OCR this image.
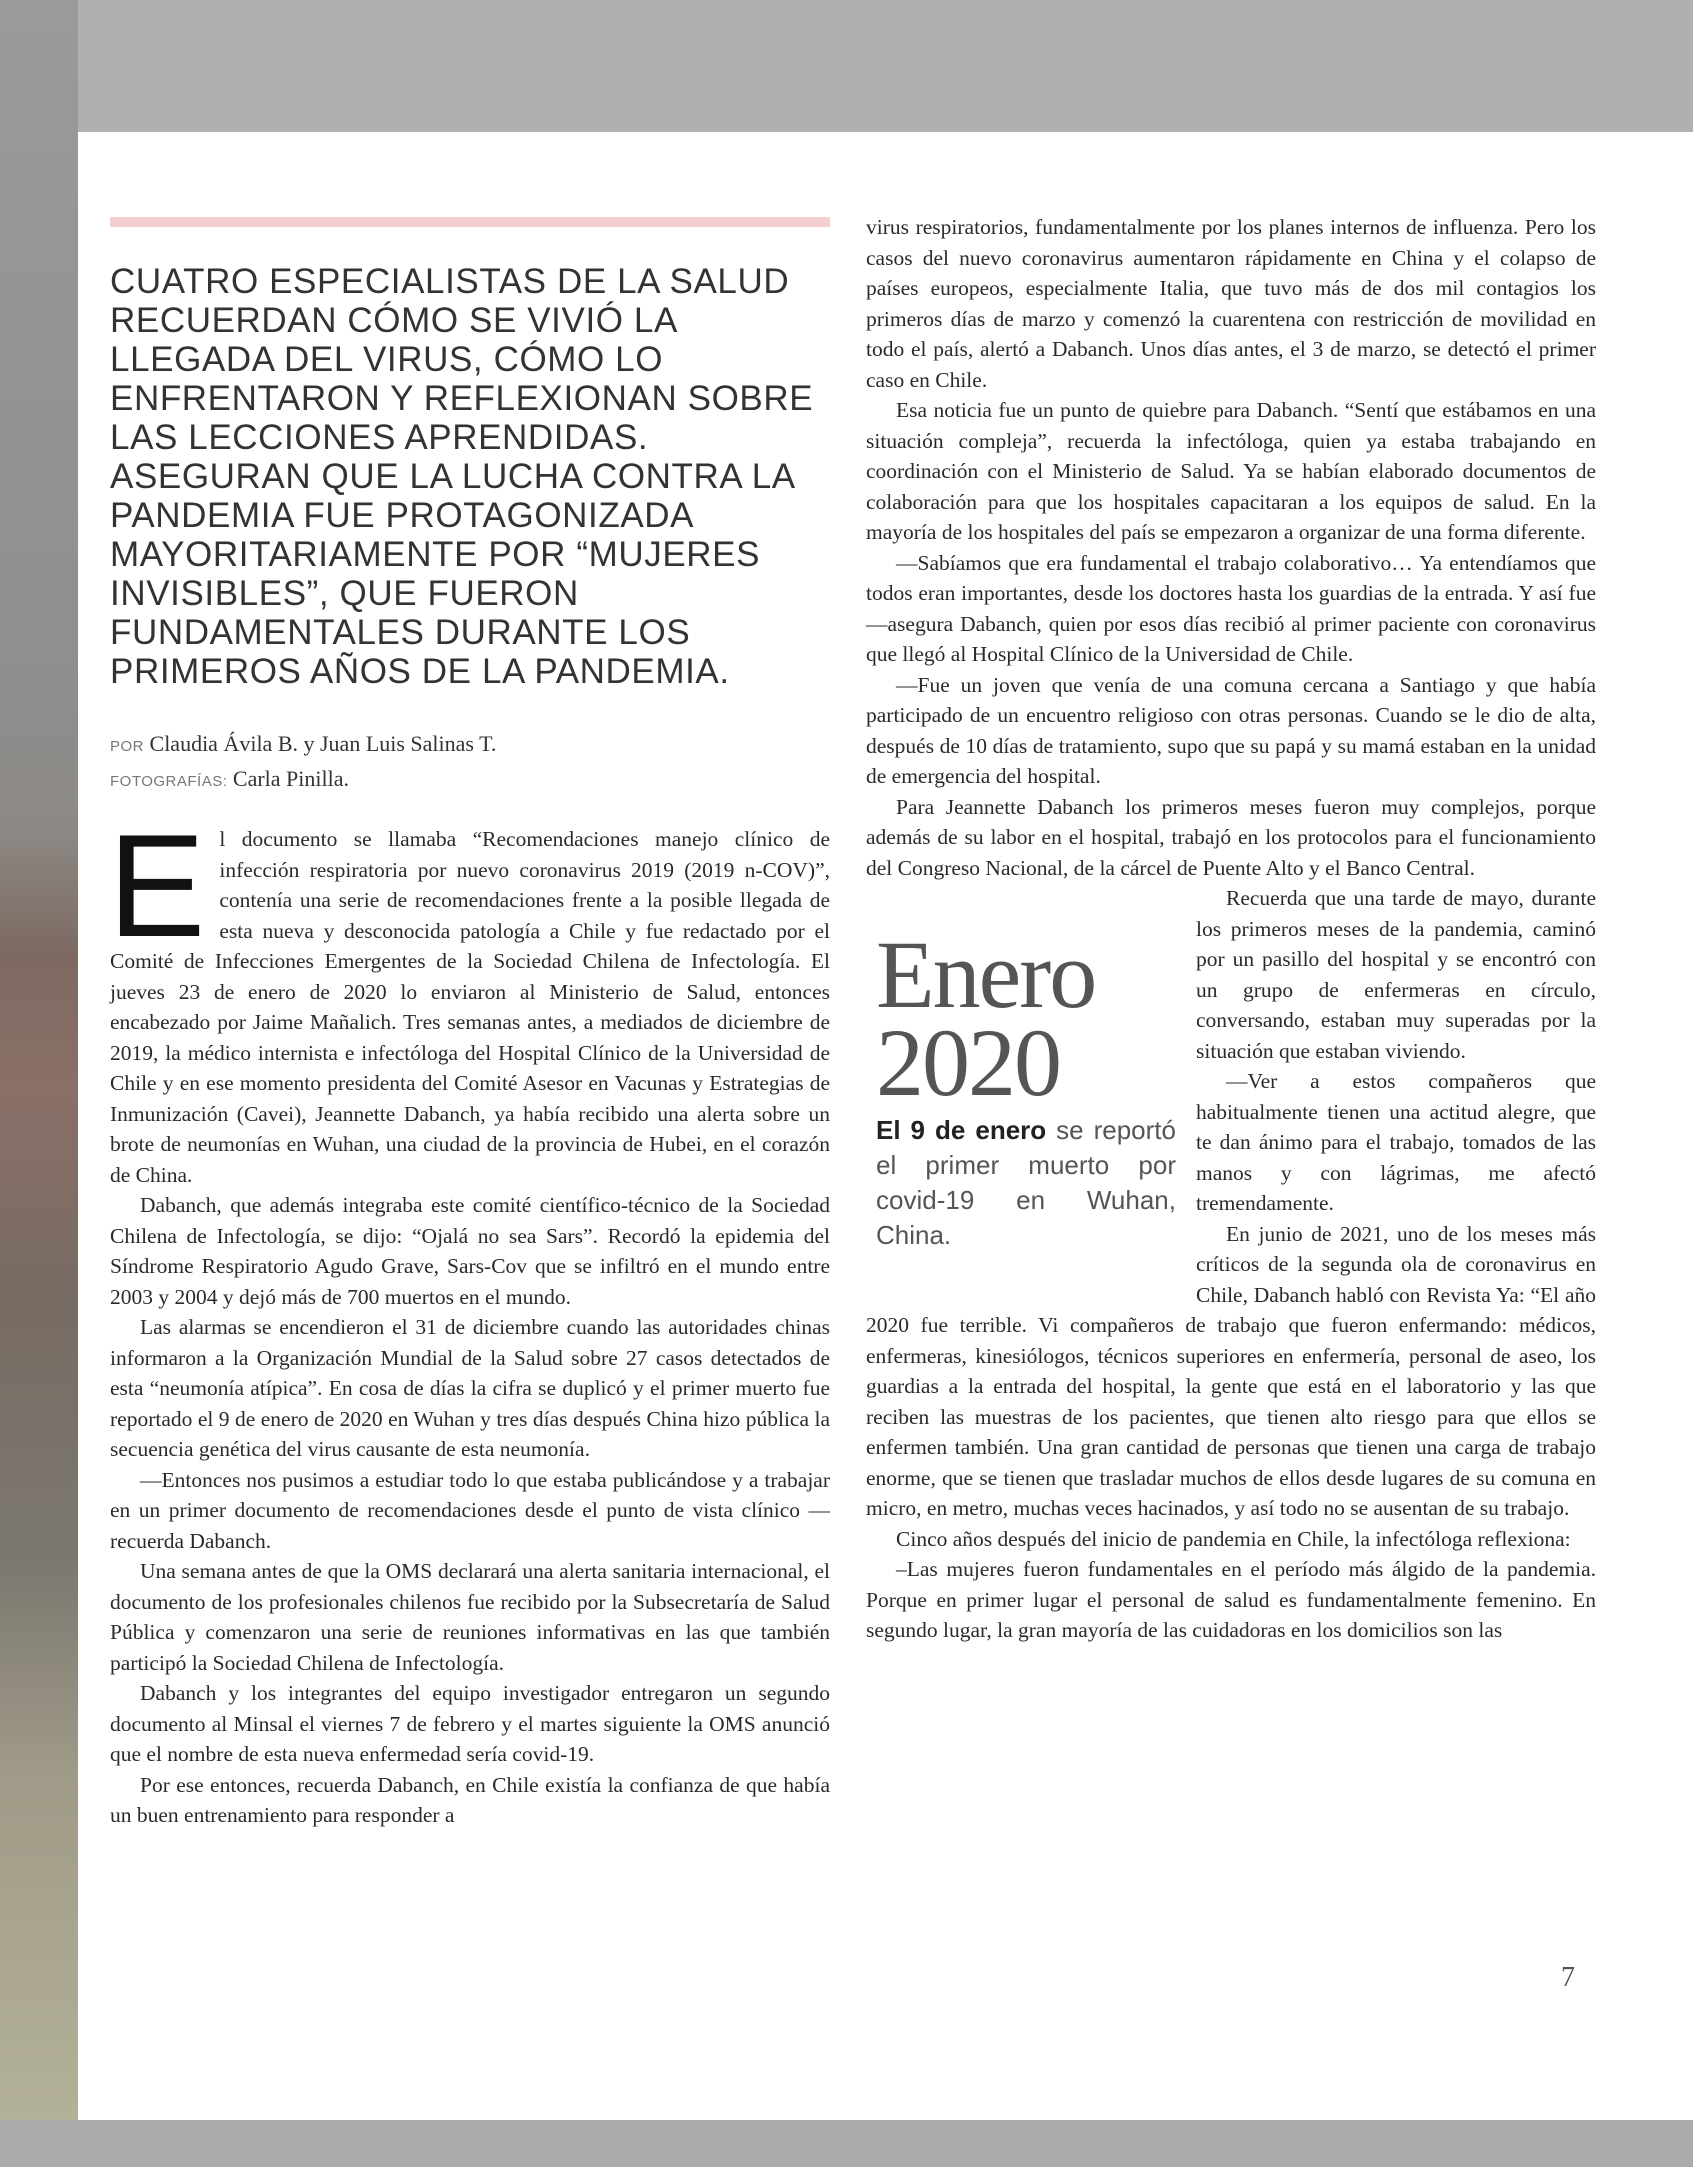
CUATRO ESPECIALISTAS DE LA SALUD RECUERDAN CÓMO SE VIVIÓ LA LLEGADA DEL VIRUS, CÓMO LO ENFRENTARON Y REFLEXIONAN SOBRE LAS LECCIONES APRENDIDAS. ASEGURAN QUE LA LUCHA CONTRA LA PANDEMIA FUE PROTAGONIZADA MAYORITARIAMENTE POR “MUJERES INVISIBLES”, QUE FUERON FUNDAMENTALES DURANTE LOS PRIMEROS AÑOS DE LA PANDEMIA.
POR Claudia Ávila B. y Juan Luis Salinas T.
FOTOGRAFÍAS: Carla Pinilla.

El documento se llamaba “Recomendaciones manejo clínico de infección respiratoria por nuevo coronavirus 2019 (2019 n-COV)”, contenía una serie de recomendaciones frente a la posible llegada de esta nueva y desconocida patología a Chile y fue redactado por el Comité de Infecciones Emergentes de la Sociedad Chilena de Infectología. El jueves 23 de enero de 2020 lo enviaron al Ministerio de Salud, entonces encabezado por Jaime Mañalich. Tres semanas antes, a mediados de diciembre de 2019, la médico internista e infectóloga del Hospital Clínico de la Universidad de Chile y en ese momento presidenta del Comité Asesor en Vacunas y Estrategias de Inmunización (Cavei), Jeannette Dabanch, ya había recibido una alerta sobre un brote de neumonías en Wuhan, una ciudad de la provincia de Hubei, en el corazón de China.

Dabanch, que además integraba este comité científico-técnico de la Sociedad Chilena de Infectología, se dijo: “Ojalá no sea Sars”. Recordó la epidemia del Síndrome Respiratorio Agudo Grave, Sars-Cov que se infiltró en el mundo entre 2003 y 2004 y dejó más de 700 muertos en el mundo.

Las alarmas se encendieron el 31 de diciembre cuando las autoridades chinas informaron a la Organización Mundial de la Salud sobre 27 casos detectados de esta “neumonía atípica”. En cosa de días la cifra se duplicó y el primer muerto fue reportado el 9 de enero de 2020 en Wuhan y tres días después China hizo pública la secuencia genética del virus causante de esta neumonía.

—Entonces nos pusimos a estudiar todo lo que estaba publicándose y a trabajar en un primer documento de recomendaciones desde el punto de vista clínico —recuerda Dabanch.

Una semana antes de que la OMS declarará una alerta sanitaria internacional, el documento de los profesionales chilenos fue recibido por la Subsecretaría de Salud Pública y comenzaron una serie de reuniones informativas en las que también participó la Sociedad Chilena de Infectología.

Dabanch y los integrantes del equipo investigador entregaron un segundo documento al Minsal el viernes 7 de febrero y el martes siguiente la OMS anunció que el nombre de esta nueva enfermedad sería covid-19.

Por ese entonces, recuerda Dabanch, en Chile existía la confianza de que había un buen entrenamiento para responder a

virus respiratorios, fundamentalmente por los planes internos de influenza. Pero los casos del nuevo coronavirus aumentaron rápidamente en China y el colapso de países europeos, especialmente Italia, que tuvo más de dos mil contagios los primeros días de marzo y comenzó la cuarentena con restricción de movilidad en todo el país, alertó a Dabanch. Unos días antes, el 3 de marzo, se detectó el primer caso en Chile.

Esa noticia fue un punto de quiebre para Dabanch. “Sentí que estábamos en una situación compleja”, recuerda la infectóloga, quien ya estaba trabajando en coordinación con el Ministerio de Salud. Ya se habían elaborado documentos de colaboración para que los hospitales capacitaran a los equipos de salud. En la mayoría de los hospitales del país se empezaron a organizar de una forma diferente.

—Sabíamos que era fundamental el trabajo colaborativo… Ya entendíamos que todos eran importantes, desde los doctores hasta los guardias de la entrada. Y así fue —asegura Dabanch, quien por esos días recibió al primer paciente con coronavirus que llegó al Hospital Clínico de la Universidad de Chile.

—Fue un joven que venía de una comuna cercana a Santiago y que había participado de un encuentro religioso con otras personas. Cuando se le dio de alta, después de 10 días de tratamiento, supo que su papá y su mamá estaban en la unidad de emergencia del hospital.

Para Jeannette Dabanch los primeros meses fueron muy complejos, porque además de su labor en el hospital, trabajó en los protocolos para el funcionamiento del Congreso Nacional, de la cárcel de Puente Alto y el Banco Central.

Enero
2020
El 9 de enero se reportó el primer muerto por covid-19 en Wuhan, China.

Recuerda que una tarde de mayo, durante los primeros meses de la pandemia, caminó por un pasillo del hospital y se encontró con un grupo de enfermeras en círculo, conversando, estaban muy superadas por la situación que estaban viviendo.

—Ver a estos compañeros que habitualmente tienen una actitud alegre, que te dan ánimo para el trabajo, tomados de las manos y con lágrimas, me afectó tremendamente.

En junio de 2021, uno de los meses más críticos de la segunda ola de coronavirus en Chile, Dabanch habló con Revista Ya: “El año 2020 fue terrible. Vi compañeros de trabajo que fueron enfermando: médicos, enfermeras, kinesiólogos, técnicos superiores en enfermería, personal de aseo, los guardias a la entrada del hospital, la gente que está en el laboratorio y las que reciben las muestras de los pacientes, que tienen alto riesgo para que ellos se enfermen también. Una gran cantidad de personas que tienen una carga de trabajo enorme, que se tienen que trasladar muchos de ellos desde lugares de su comuna en micro, en metro, muchas veces hacinados, y así todo no se ausentan de su trabajo.

Cinco años después del inicio de pandemia en Chile, la infectóloga reflexiona:

–Las mujeres fueron fundamentales en el período más álgido de la pandemia. Porque en primer lugar el personal de salud es fundamentalmente femenino. En segundo lugar, la gran mayoría de las cuidadoras en los domicilios son las

7
